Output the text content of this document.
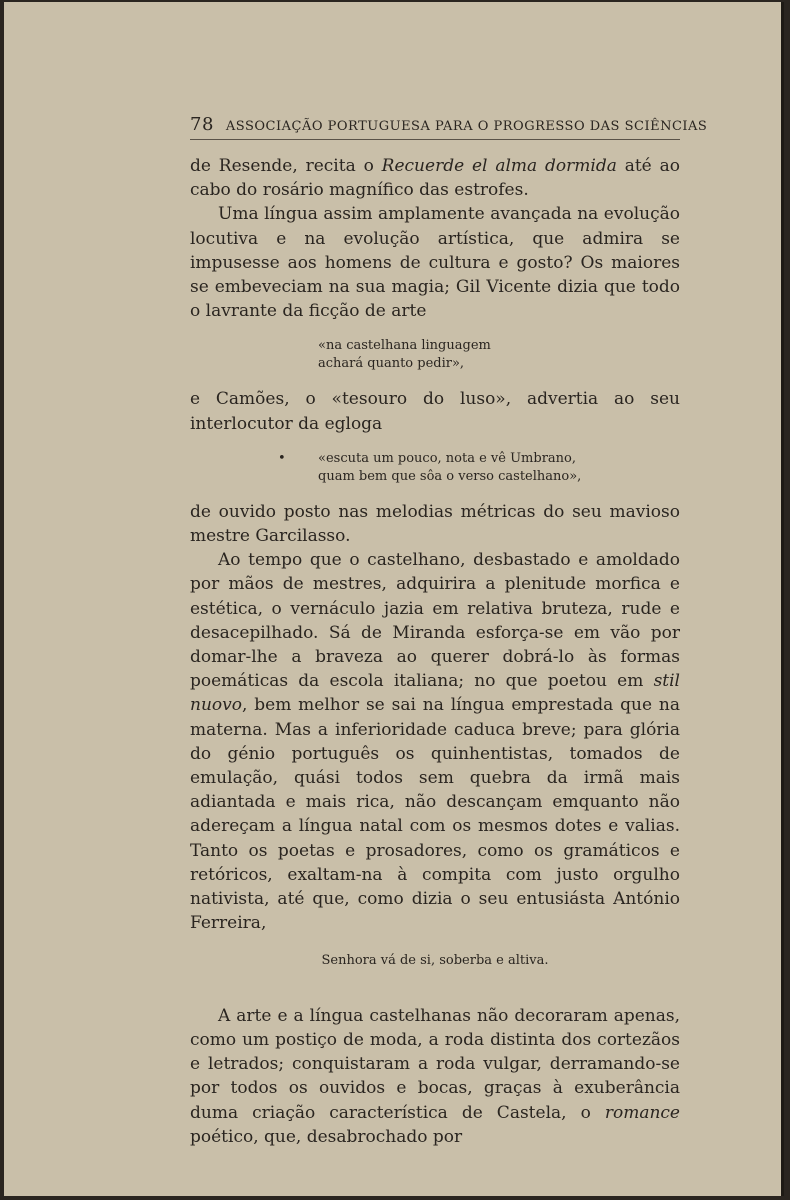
78 ASSOCIAÇÃO PORTUGUESA PARA O PROGRESSO DAS SCIÊNCIAS

de Resende, recita o Recuerde el alma dormida até ao cabo do rosário magnífico das estrofes.

Uma língua assim amplamente avançada na evolução locutiva e na evolução artística, que admira se impusesse aos homens de cultura e gosto? Os maiores se embeveciam na sua magia; Gil Vicente dizia que todo o lavrante da ficção de arte

«na castelhana linguagem
achará quanto pedir»,

e Camões, o «tesouro do luso», advertia ao seu interlocutor da egloga

• «escuta um pouco, nota e vê Umbrano,
quam bem que sôa o verso castelhano»,

de ouvido posto nas melodias métricas do seu mavioso mestre Garcilasso.

Ao tempo que o castelhano, desbastado e amoldado por mãos de mestres, adquirira a plenitude morfica e estética, o vernáculo jazia em relativa bruteza, rude e desacepilhado. Sá de Miranda esforça-se em vão por domar-lhe a braveza ao querer dobrá-lo às formas poemáticas da escola italiana; no que poetou em stil nuovo, bem melhor se sai na língua emprestada que na materna. Mas a inferioridade caduca breve; para glória do génio português os quinhentistas, tomados de emulação, quási todos sem quebra da irmã mais adiantada e mais rica, não descançam emquanto não adereçam a língua natal com os mesmos dotes e valias. Tanto os poetas e prosadores, como os gramáticos e retóricos, exaltam-na à compita com justo orgulho nativista, até que, como dizia o seu entusiásta António Ferreira,

Senhora vá de si, soberba e altiva.

A arte e a língua castelhanas não decoraram apenas, como um postiço de moda, a roda distinta dos cortezãos e letrados; conquistaram a roda vulgar, derramando-se por todos os ouvidos e bocas, graças à exuberância duma criação característica de Castela, o romance poético, que, desabrochado por
